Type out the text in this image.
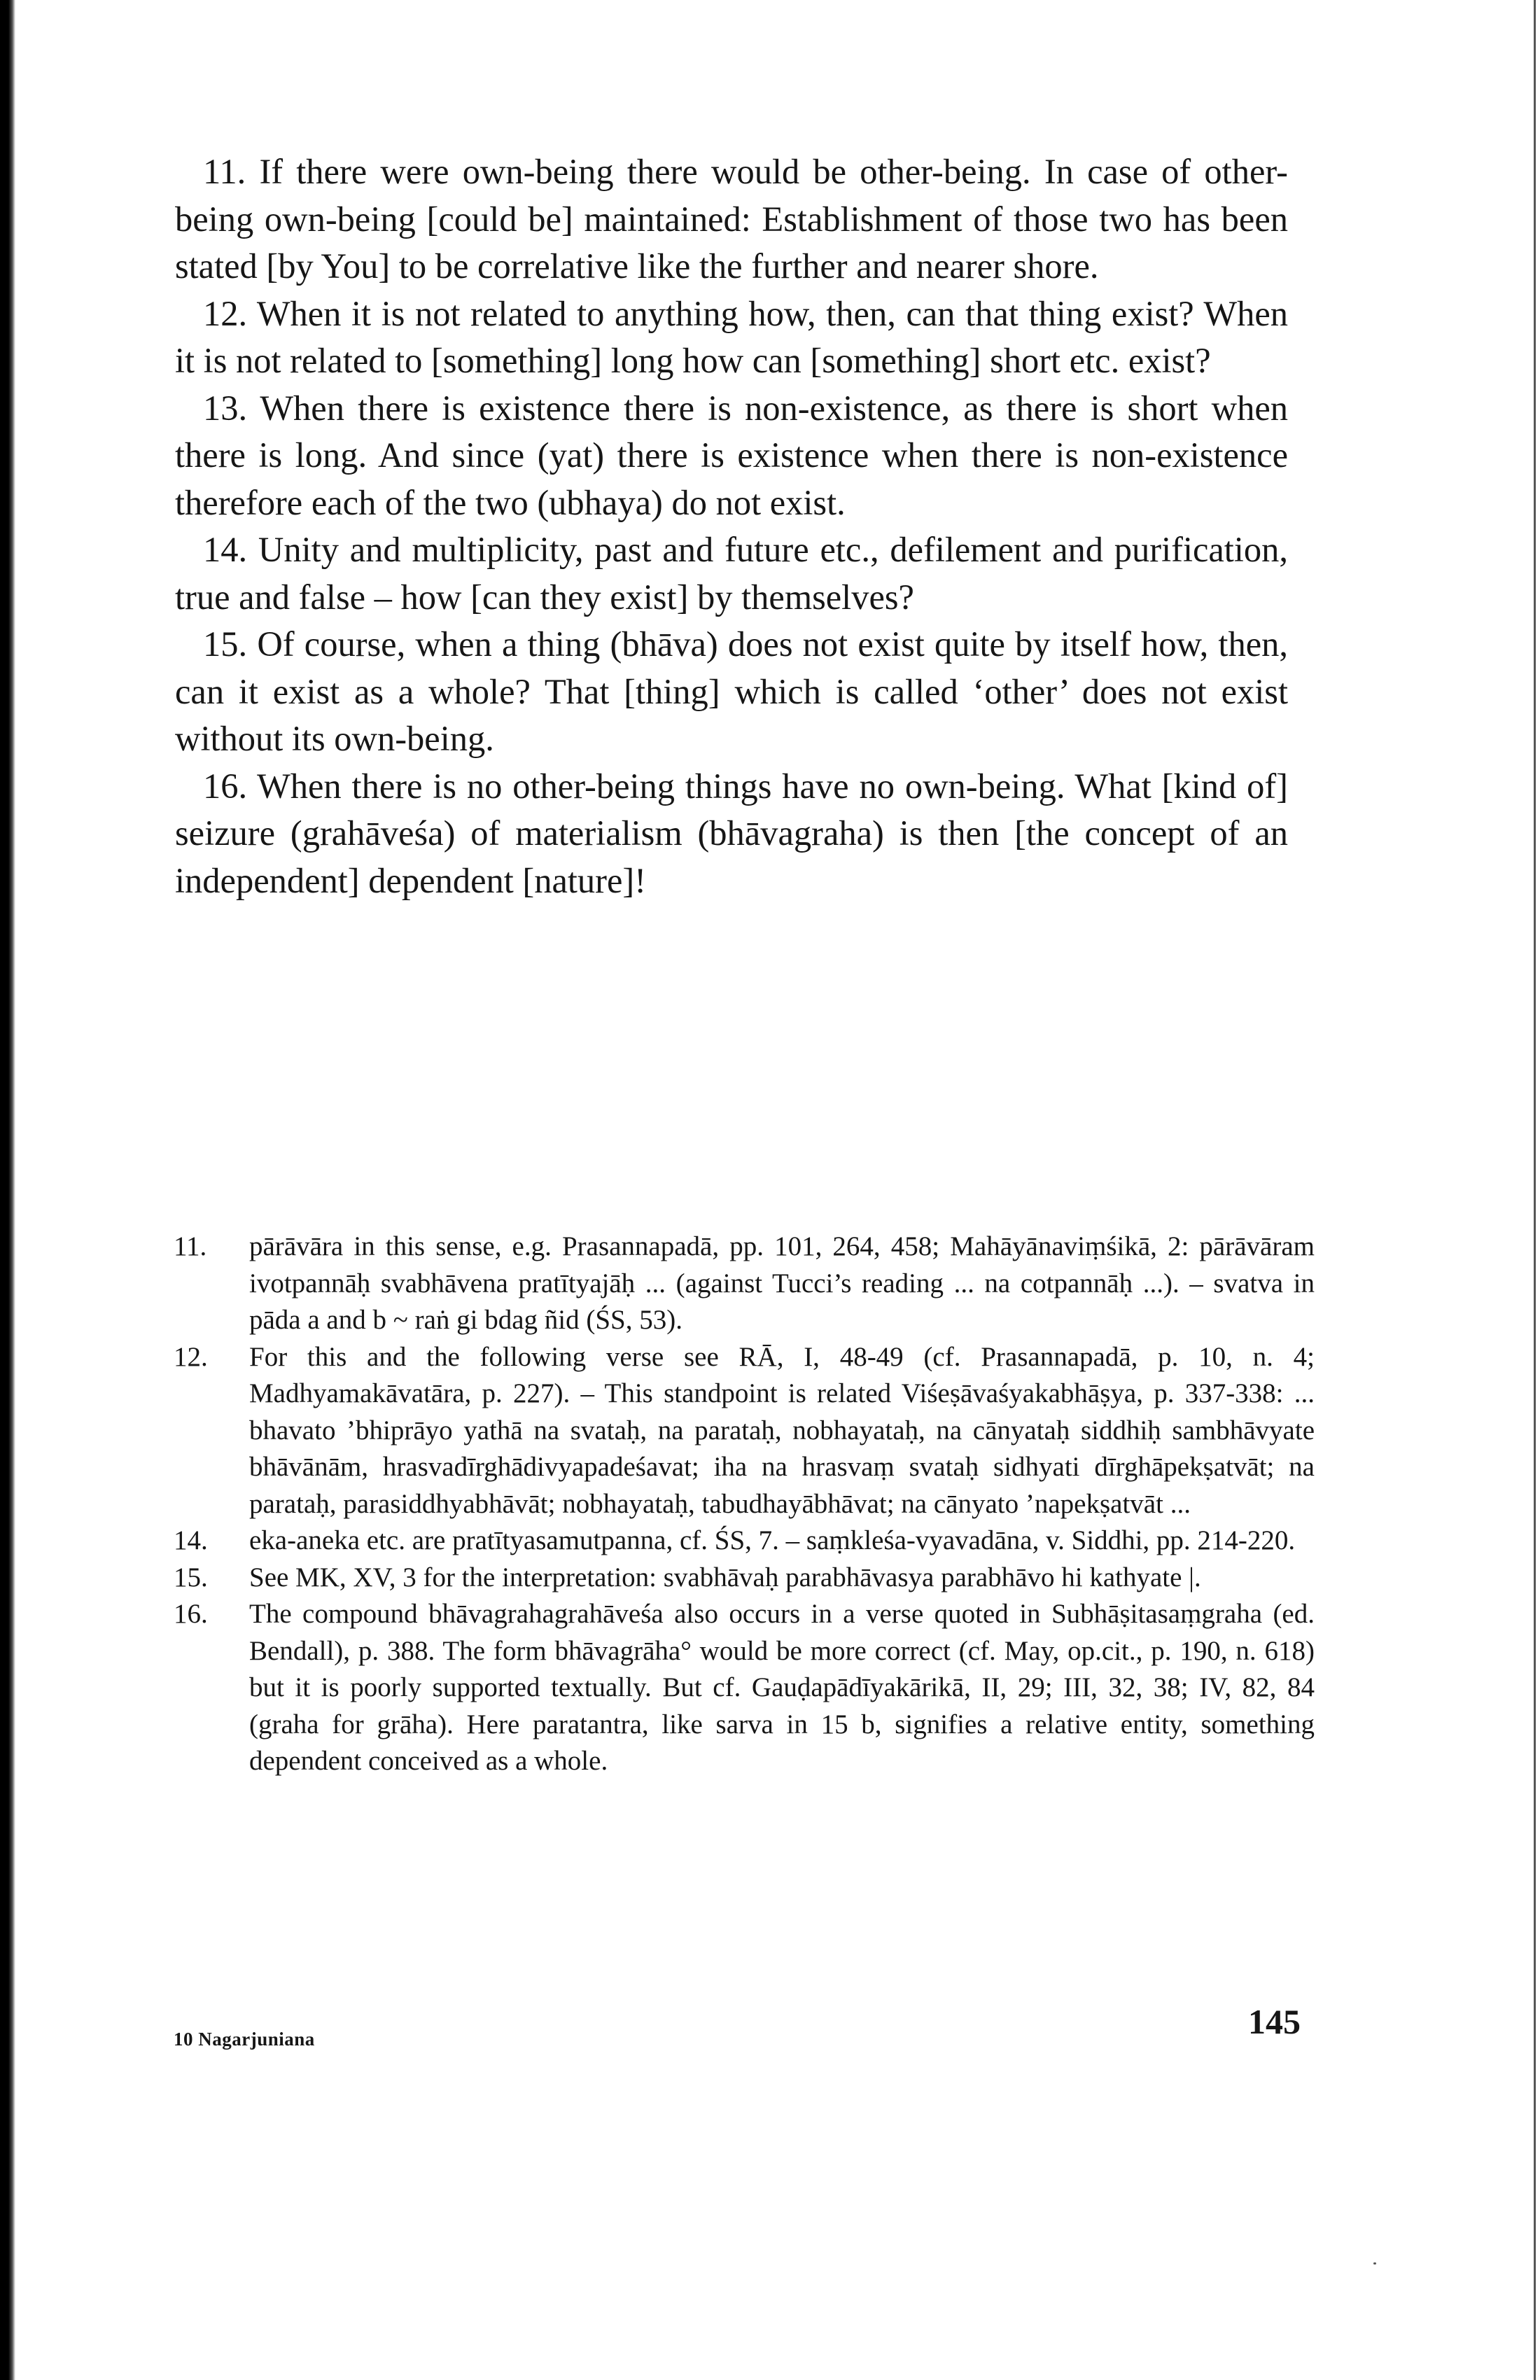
11. If there were own-being there would be other-being. In case of other-being own-being [could be] maintained: Establishment of those two has been stated [by You] to be correlative like the further and nearer shore.

12. When it is not related to anything how, then, can that thing exist? When it is not related to [something] long how can [something] short etc. exist?

13. When there is existence there is non-existence, as there is short when there is long. And since (yat) there is existence when there is non-existence therefore each of the two (ubhaya) do not exist.

14. Unity and multiplicity, past and future etc., defilement and purification, true and false – how [can they exist] by themselves?

15. Of course, when a thing (bhāva) does not exist quite by itself how, then, can it exist as a whole? That [thing] which is called ‘other’ does not exist without its own-being.

16. When there is no other-being things have no own-being. What [kind of] seizure (grahāveśa) of materialism (bhāvagraha) is then [the concept of an independent] dependent [nature]!

11.	pārāvāra in this sense, e.g. Prasannapadā, pp. 101, 264, 458; Mahāyānaviṃśikā, 2: pārāvāram ivotpannāḥ svabhāvena pratītyajāḥ ... (against Tucci’s reading ... na cotpannāḥ ...). – svatva in pāda a and b ~ raṅ gi bdag ñid (ŚS, 53).
12.	For this and the following verse see RĀ, I, 48-49 (cf. Prasannapadā, p. 10, n. 4; Madhyamakāvatāra, p. 227). – This standpoint is related Viśeṣāvaśyakabhāṣya, p. 337-338: ... bhavato ’bhiprāyo yathā na svataḥ, na parataḥ, nobhayataḥ, na cānyataḥ siddhiḥ sambhāvyate bhāvānām, hrasvadīrghādivyapadeśavat; iha na hrasvaṃ svataḥ sidhyati dīrghāpekṣatvāt; na parataḥ, parasiddhyabhāvāt; nobhayataḥ, tabudhayābhāvat; na cānyato ’napekṣatvāt ...
14.	eka-aneka etc. are pratītyasamutpanna, cf. ŚS, 7. – saṃkleśa-vyavadāna, v. Siddhi, pp. 214-220.
15.	See MK, XV, 3 for the interpretation: svabhāvaḥ parabhāvasya parabhāvo hi kathyate |.
16.	The compound bhāvagrahagrahāveśa also occurs in a verse quoted in Subhāṣitasaṃgraha (ed. Bendall), p. 388. The form bhāvagrāha° would be more correct (cf. May, op.cit., p. 190, n. 618) but it is poorly supported textually. But cf. Gauḍapādīyakārikā, II, 29; III, 32, 38; IV, 82, 84 (graha for grāha). Here paratantra, like sarva in 15 b, signifies a relative entity, something dependent conceived as a whole.
10 Nagarjuniana	145
